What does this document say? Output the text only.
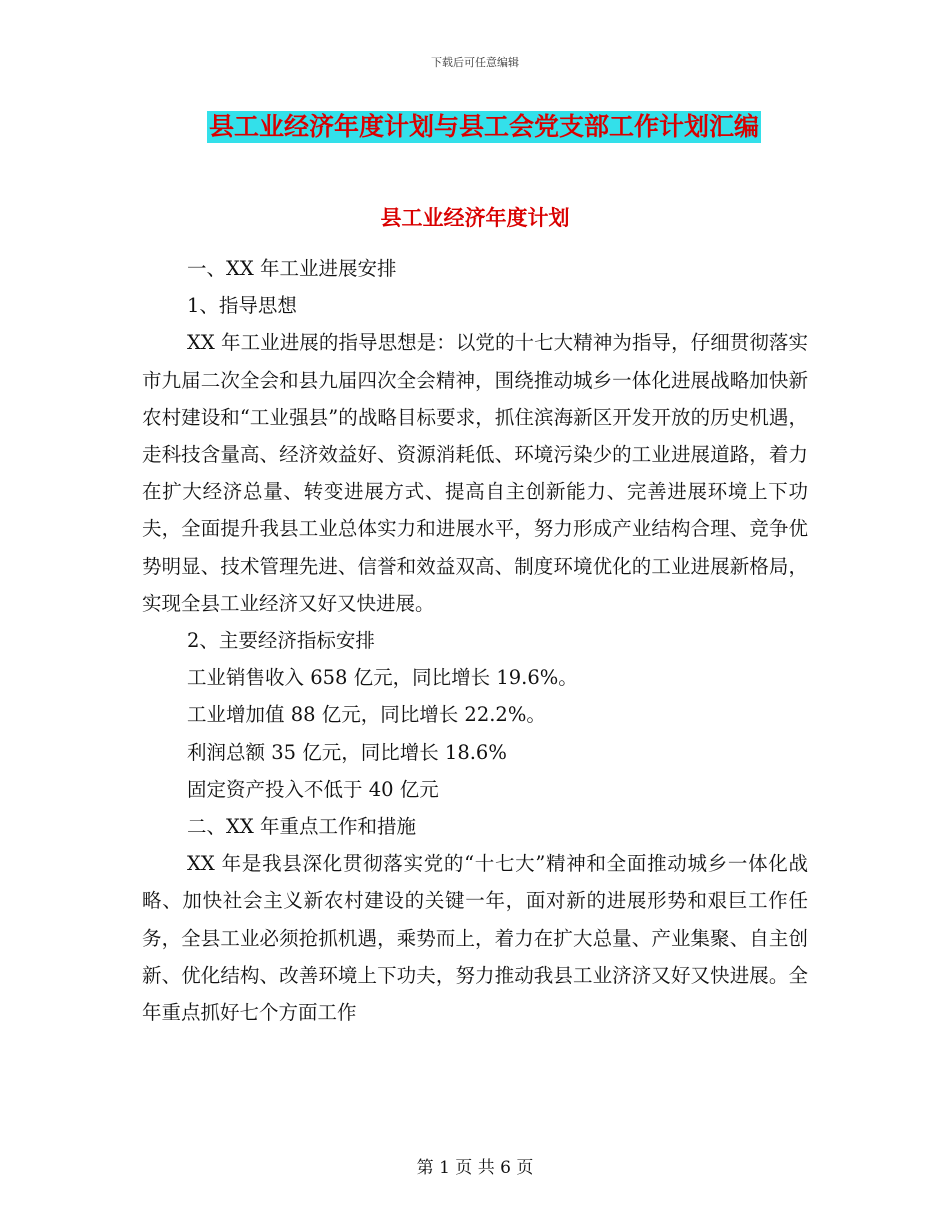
下载后可任意编辑
县工业经济年度计划与县工会党支部工作计划汇编
县工业经济年度计划

一、XX 年工业进展安排

1、指导思想

XX 年工业进展的指导思想是：以党的十七大精神为指导，仔细贯彻落实市九届二次全会和县九届四次全会精神，围绕推动城乡一体化进展战略加快新农村建设和“工业强县”的战略目标要求，抓住滨海新区开发开放的历史机遇，走科技含量高、经济效益好、资源消耗低、环境污染少的工业进展道路，着力在扩大经济总量、转变进展方式、提高自主创新能力、完善进展环境上下功夫，全面提升我县工业总体实力和进展水平，努力形成产业结构合理、竞争优势明显、技术管理先进、信誉和效益双高、制度环境优化的工业进展新格局，实现全县工业经济又好又快进展。

2、主要经济指标安排

工业销售收入 658 亿元，同比增长 19.6%。

工业增加值 88 亿元，同比增长 22.2%。

利润总额 35 亿元，同比增长 18.6%

固定资产投入不低于 40 亿元

二、XX 年重点工作和措施

XX 年是我县深化贯彻落实党的“十七大”精神和全面推动城乡一体化战略、加快社会主义新农村建设的关键一年，面对新的进展形势和艰巨工作任务，全县工业必须抢抓机遇，乘势而上，着力在扩大总量、产业集聚、自主创新、优化结构、改善环境上下功夫，努力推动我县工业济济又好又快进展。全年重点抓好七个方面工作

第 1 页 共 6 页
